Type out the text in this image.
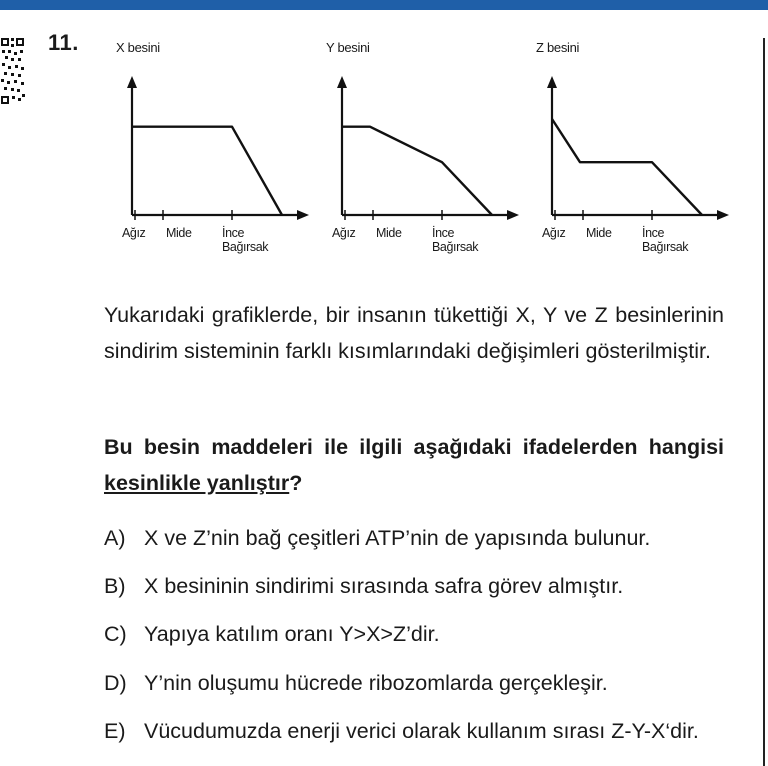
11.	X besini
Ağız Mide İnce Bağırsak
Y besini
Ağız Mide İnce Bağırsak
Z besini
Ağız Mide İnce Bağırsak
Yukarıdaki grafiklerde, bir insanın tükettiği X, Y ve Z besinlerinin sindirim sisteminin farklı kısımlarındaki değişimleri gösterilmiştir.
Bu besin maddeleri ile ilgili aşağıdaki ifadelerden hangisi kesinlikle yanlıştır?
A) X ve Z’nin bağ çeşitleri ATP’nin de yapısında bulunur.
B) X besininin sindirimi sırasında safra görev almıştır.
C) Yapıya katılım oranı Y>X>Z’dir.
D) Y’nin oluşumu hücrede ribozomlarda gerçekleşir.
E) Vücudumuzda enerji verici olarak kullanım sırası Z-Y-X‘dir.
